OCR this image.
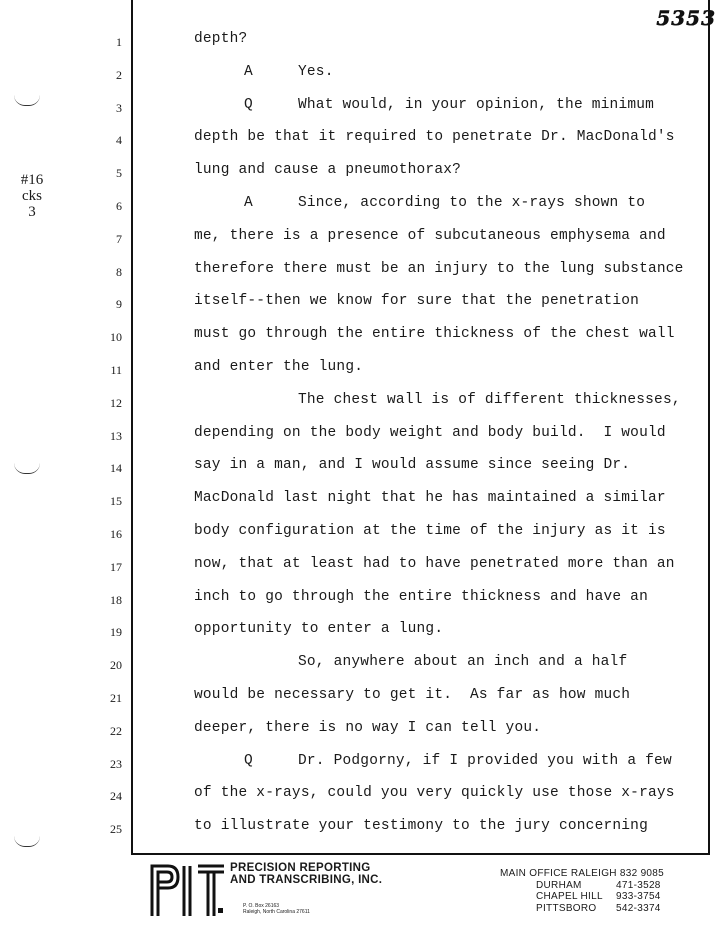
5353
#16
cks
3
1	depth?
2	A	Yes.
3	Q	What would, in your opinion, the minimum
4	depth be that it required to penetrate Dr. MacDonald's
5	lung and cause a pneumothorax?
6	A	Since, according to the x-rays shown to
7	me, there is a presence of subcutaneous emphysema and
8	therefore there must be an injury to the lung substance
9	itself--then we know for sure that the penetration
10	must go through the entire thickness of the chest wall
11	and enter the lung.
12	The chest wall is of different thicknesses,
13	depending on the body weight and body build.  I would
14	say in a man, and I would assume since seeing Dr.
15	MacDonald last night that he has maintained a similar
16	body configuration at the time of the injury as it is
17	now, that at least had to have penetrated more than an
18	inch to go through the entire thickness and have an
19	opportunity to enter a lung.
20	So, anywhere about an inch and a half
21	would be necessary to get it.  As far as how much
22	deeper, there is no way I can tell you.
23	Q	Dr. Podgorny, if I provided you with a few
24	of the x-rays, could you very quickly use those x-rays
25	to illustrate your testimony to the jury concerning
PRECISION REPORTING
AND TRANSCRIBING, INC.
P. O. Box 26163
Raleigh, North Carolina 27611
MAIN OFFICE RALEIGH 832 9085
DURHAM	471-3528
CHAPEL HILL	933-3754
PITTSBORO	542-3374
